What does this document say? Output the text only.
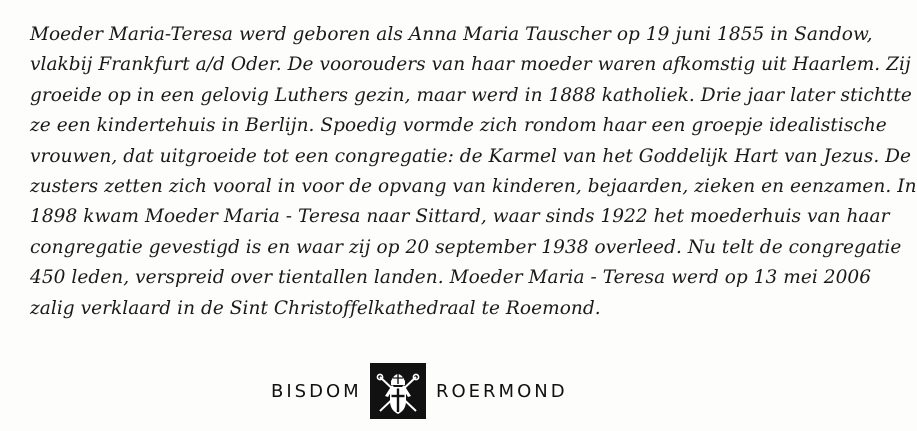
Moeder Maria-Teresa werd geboren als Anna Maria Tauscher op 19 juni 1855 in Sandow,
vlakbij Frankfurt a/d Oder. De voorouders van haar moeder waren afkomstig uit Haarlem. Zij
groeide op in een gelovig Luthers gezin, maar werd in 1888 katholiek. Drie jaar later stichtte
ze een kindertehuis in Berlijn. Spoedig vormde zich rondom haar een groepje idealistische
vrouwen, dat uitgroeide tot een congregatie: de Karmel van het Goddelijk Hart van Jezus. De
zusters zetten zich vooral in voor de opvang van kinderen, bejaarden, zieken en eenzamen. In
1898 kwam Moeder Maria - Teresa naar Sittard, waar sinds 1922 het moederhuis van haar
congregatie gevestigd is en waar zij op 20 september 1938 overleed. Nu telt de congregatie
450 leden, verspreid over tientallen landen. Moeder Maria - Teresa werd op 13 mei 2006
zalig verklaard in de Sint Christoffelkathedraal te Roemond.
BISDOM	ROERMOND
